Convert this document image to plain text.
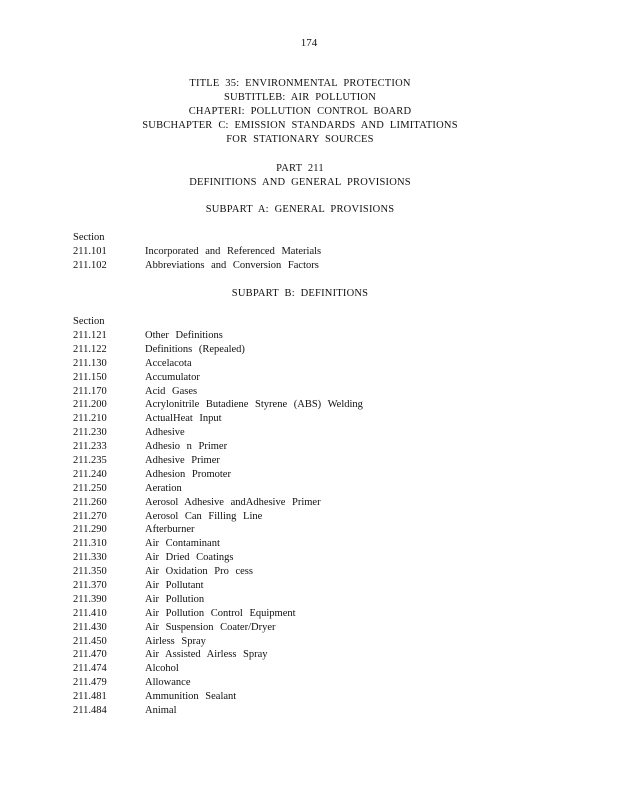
174
TITLE 35: ENVIRONMENTAL PROTECTION
SUBTITLEB: AIR POLLUTION
CHAPTERI: POLLUTION CONTROL BOARD
SUBCHAPTER C: EMISSION STANDARDS AND LIMITATIONS
FOR STATIONARY SOURCES
PART 211
DEFINITIONS AND GENERAL PROVISIONS
SUBPART A: GENERAL PROVISIONS
Section
211.101	Incorporated and Referenced Materials
211.102	Abbreviations and Conversion Factors
SUBPART B: DEFINITIONS
Section
211.121	Other Definitions
211.122	Definitions (Repealed)
211.130	Accelacota
211.150	Accumulator
211.170	Acid Gases
211.200	Acrylonitrile Butadiene Styrene (ABS) Welding
211.210	ActualHeat Input
211.230	Adhesive
211.233	Adhesio n Primer
211.235	Adhesive Primer
211.240	Adhesion Promoter
211.250	Aeration
211.260	Aerosol Adhesive andAdhesive Primer
211.270	Aerosol Can Filling Line
211.290	Afterburner
211.310	Air Contaminant
211.330	Air Dried Coatings
211.350	Air Oxidation Pro cess
211.370	Air Pollutant
211.390	Air Pollution
211.410	Air Pollution Control Equipment
211.430	Air Suspension Coater/Dryer
211.450	Airless Spray
211.470	Air Assisted Airless Spray
211.474	Alcohol
211.479	Allowance
211.481	Ammunition Sealant
211.484	Animal
